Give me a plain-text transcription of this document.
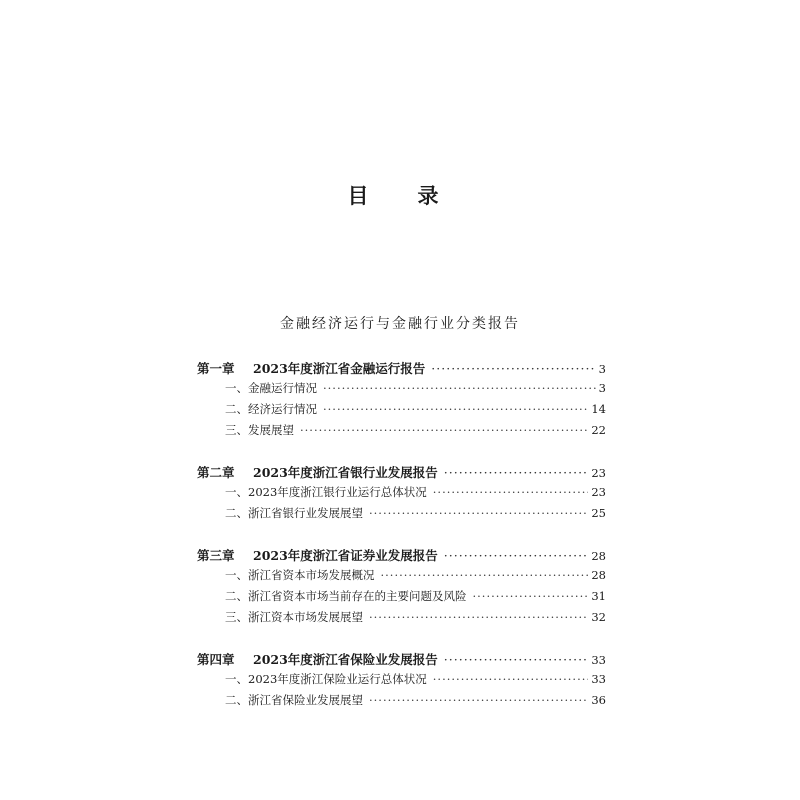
目　录
金融经济运行与金融行业分类报告
第一章	2023年度浙江省金融运行报告 ·····	3
一、金融运行情况 ·····	3
二、经济运行情况 ·····	14
三、发展展望 ·····	22
第二章	2023年度浙江省银行业发展报告 ·····	23
一、2023年度浙江银行业运行总体状况 ·····	23
二、浙江省银行业发展展望 ·····	25
第三章	2023年度浙江省证券业发展报告 ·····	28
一、浙江省资本市场发展概况 ·····	28
二、浙江省资本市场当前存在的主要问题及风险 ·····	31
三、浙江资本市场发展展望 ·····	32
第四章	2023年度浙江省保险业发展报告 ·····	33
一、2023年度浙江保险业运行总体状况 ·····	33
二、浙江省保险业发展展望 ·····	36
